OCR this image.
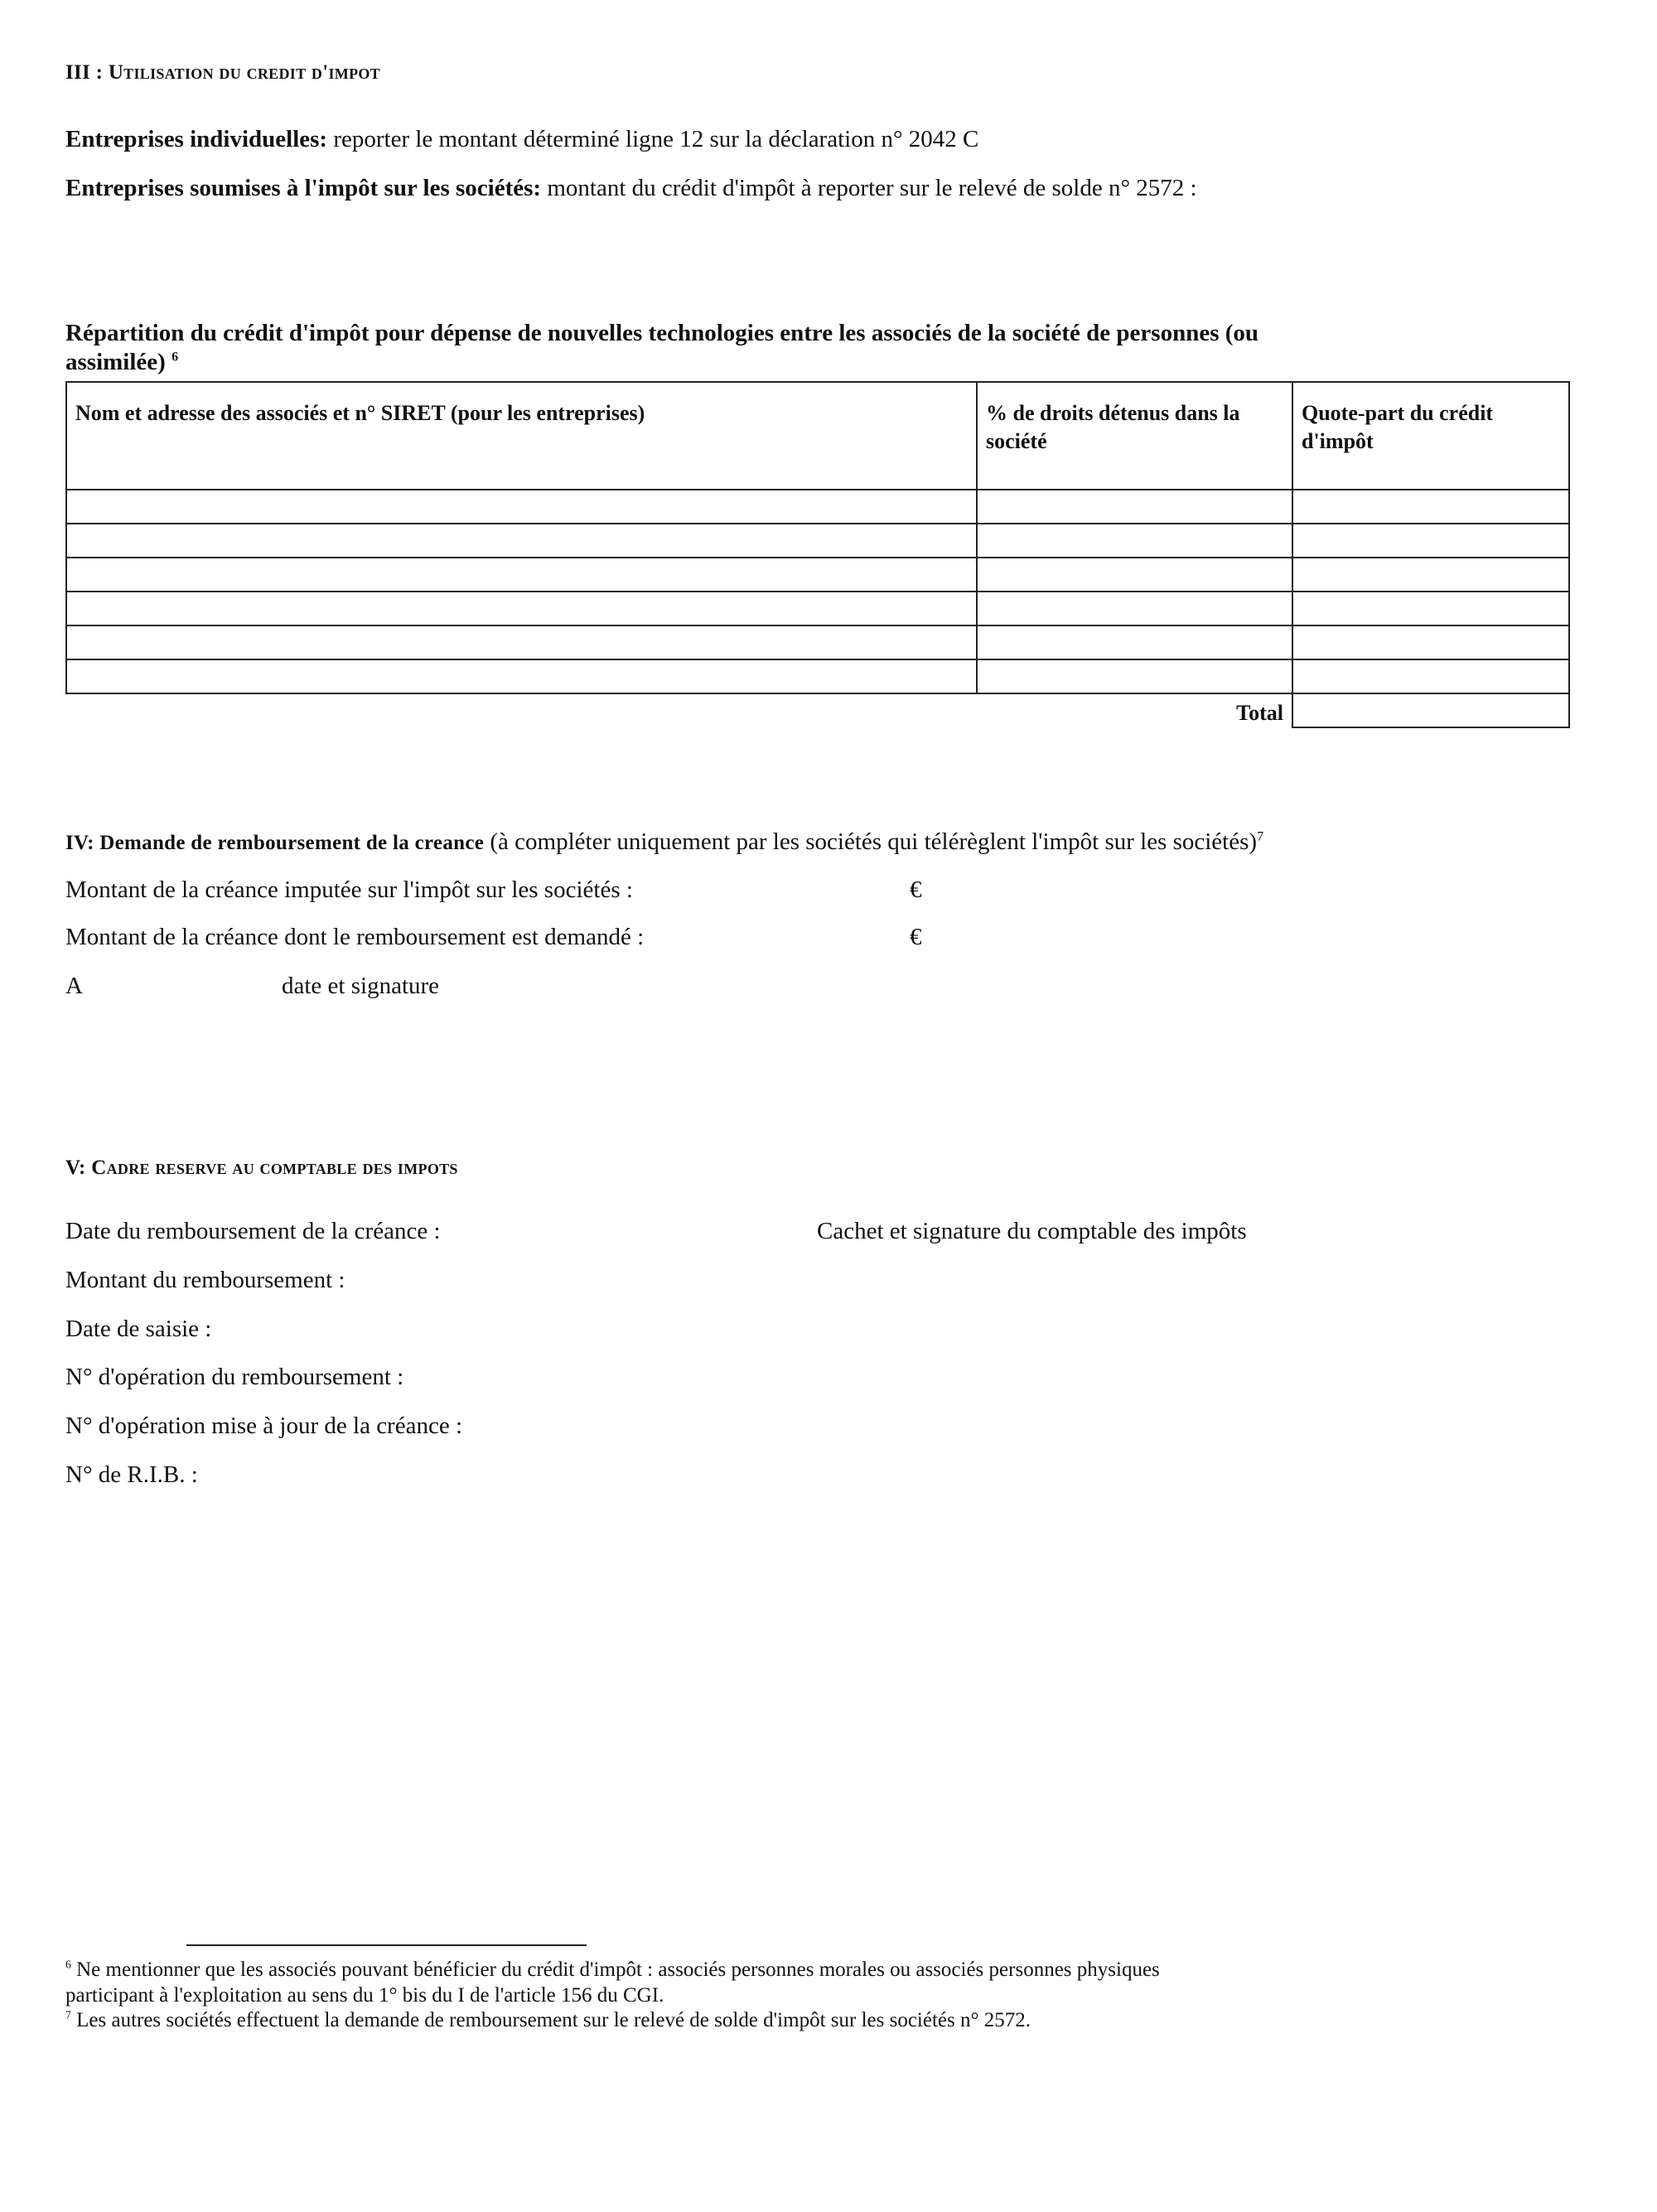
III : Utilisation du credit d'impot
Entreprises individuelles: reporter le montant déterminé ligne 12 sur la déclaration n° 2042 C
Entreprises soumises à l'impôt sur les sociétés: montant du crédit d'impôt à reporter sur le relevé de solde n° 2572 :
Répartition du crédit d'impôt pour dépense de nouvelles technologies entre les associés de la société de personnes (ou
assimilée) $^6$
Nom et adresse des associés et n° SIRET (pour les entreprises)	% de droits détenus dans la société	Quote-part du crédit d'impôt

Total		
IV: Demande de remboursement de la creance (à compléter uniquement par les sociétés qui télérèglent l'impôt sur les sociétés)$^7$
Montant de la créance imputée sur l'impôt sur les sociétés :	€
Montant de la créance dont le remboursement est demandé :	€
A	date et signature
V: Cadre reserve au comptable des impots
Date du remboursement de la créance :	Cachet et signature du comptable des impôts
Montant du remboursement :
Date de saisie :
N° d'opération du remboursement :
N° d'opération mise à jour de la créance :
N° de R.I.B. :
$^6$ Ne mentionner que les associés pouvant bénéficier du crédit d'impôt : associés personnes morales ou associés personnes physiques
participant à l'exploitation au sens du 1° bis du I de l'article 156 du CGI.
$^7$ Les autres sociétés effectuent la demande de remboursement sur le relevé de solde d'impôt sur les sociétés n° 2572.
